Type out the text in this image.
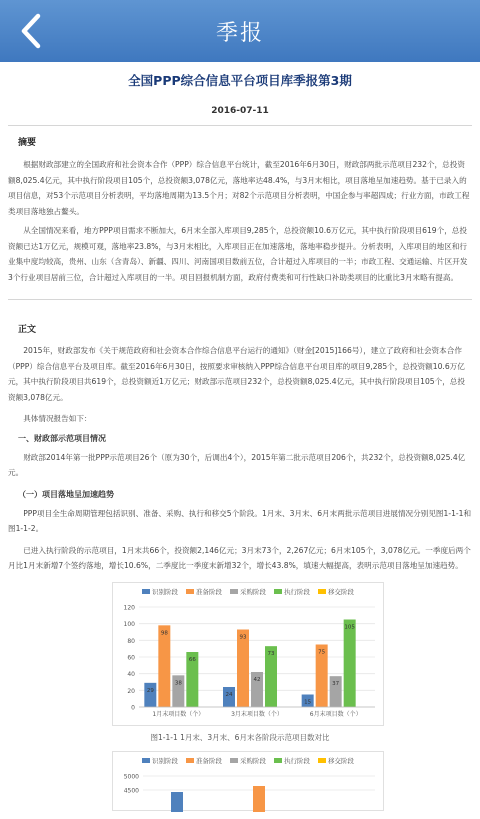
季报
全国PPP综合信息平台项目库季报第3期
2016-07-11
摘要

根据财政部建立的全国政府和社会资本合作（PPP）综合信息平台统计，截至2016年6月30日，财政部两批示范项目232个，总投资额8,025.4亿元，其中执行阶段项目105个，总投资额3,078亿元，落地率达48.4%，与3月末相比，项目落地呈加速趋势。基于已录入的项目信息，对53个示范项目分析表明，平均落地周期为13.5个月；对82个示范项目分析表明，中国企参与率超四成；行业方面，市政工程类项目落地独占鳌头。

从全国情况来看，地方PPP项目需求不断加大，6月末全部入库项目9,285个，总投资额10.6万亿元，其中执行阶段项目619个，总投资额已达1万亿元，规模可观，落地率23.8%，与3月末相比，入库项目正在加速落地，落地率稳步提升。分析表明，入库项目的地区和行业集中度均较高，贵州、山东（含青岛）、新疆、四川、河南国项目数前五位，合计超过入库项目的一半；市政工程、交通运输、片区开发3个行业项目居前三位，合计超过入库项目的一半。项目回报机制方面，政府付费类和可行性缺口补助类项目的比重比3月末略有提高。

正文

2015年，财政部发布《关于规范政府和社会资本合作综合信息平台运行的通知》（财金[2015]166号），建立了政府和社会资本合作（PPP）综合信息平台及项目库。截至2016年6月30日，按照要求审核纳入PPP综合信息平台项目库的项目9,285个，总投资额10.6万亿元，其中执行阶段项目共619个，总投资额近1万亿元；财政部示范项目232个，总投资额8,025.4亿元，其中执行阶段项目105个，总投资额3,078亿元。

具体情况报告如下：

一、财政部示范项目情况

财政部2014年第一批PPP示范项目26个（原为30个，后调出4个），2015年第二批示范项目206个，共232个，总投资额8,025.4亿元。

（一）项目落地呈加速趋势

PPP项目全生命周期管理包括识别、准备、采购、执行和移交5个阶段。1月末、3月末、6月末两批示范项目进展情况分别见图1-1-1和图1-1-2。

已进入执行阶段的示范项目，1月末共66个，投资额2,146亿元；3月末73个，2,267亿元；6月末105个，3,078亿元。一季度后两个月比1月末新增7个签约落地，增长10.6%，二季度比一季度末新增32个，增长43.8%，填速大幅提高，表明示范项目落地呈加速趋势。

识别阶段	准备阶段	采购阶段	执行阶段	移交阶段
0
20
40
60
80
100
120
29
98
38
66
1月末项目数（个）
24
93
42
73
3月末项目数（个）
15
75
37
105
6月末项目数（个）
图1-1-1 1月末、3月末、6月末各阶段示范项目数对比
识别阶段	准备阶段	采购阶段	执行阶段	移交阶段
5000
4500
